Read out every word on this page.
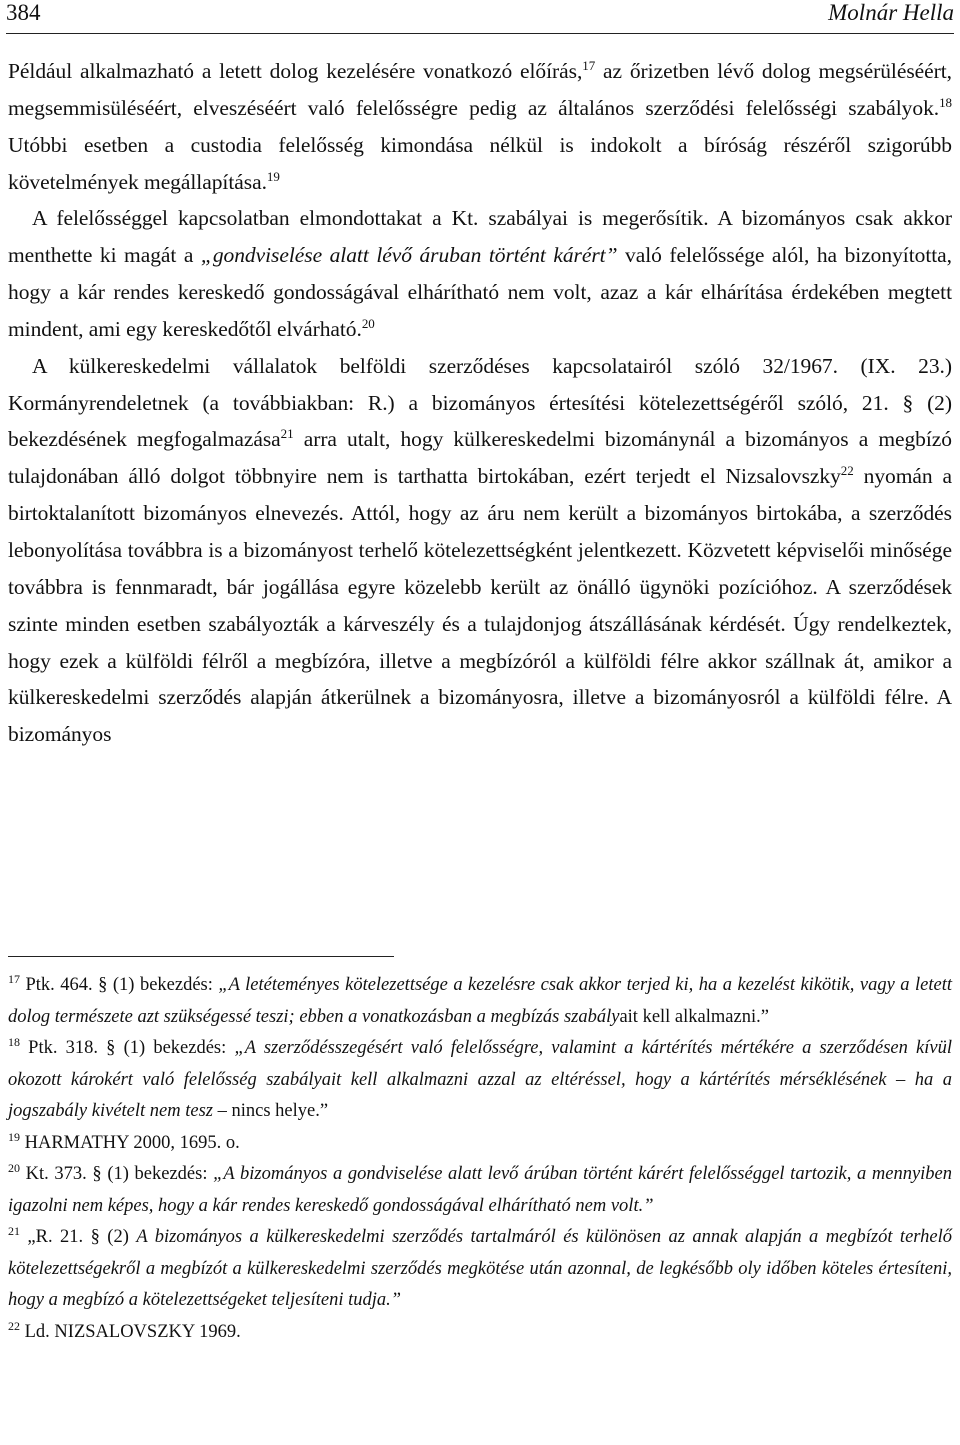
384	Molnár Hella

Például alkalmazható a letett dolog kezelésére vonatkozó előírás,$^{17}$ az őrizetben lévő dolog megsérüléséért, megsemmisüléséért, elveszéséért való felelősségre pedig az általános szerződési felelősségi szabályok.$^{18}$ Utóbbi esetben a custodia felelősség kimondása nélkül is indokolt a bíróság részéről szigorúbb követelmények megállapítása.$^{19}$

A felelősséggel kapcsolatban elmondottakat a Kt. szabályai is megerősítik. A bizományos csak akkor menthette ki magát a „gondviselése alatt lévő áruban történt kárért” való felelőssége alól, ha bizonyította, hogy a kár rendes kereskedő gondosságával elhárítható nem volt, azaz a kár elhárítása érdekében megtett mindent, ami egy kereskedőtől elvárható.$^{20}$

A külkereskedelmi vállalatok belföldi szerződéses kapcsolatairól szóló 32/1967. (IX. 23.) Kormányrendeletnek (a továbbiakban: R.) a bizományos értesítési kötelezettségéről szóló, 21. § (2) bekezdésének megfogalmazása$^{21}$ arra utalt, hogy külkereskedelmi bizománynál a bizományos a megbízó tulajdonában álló dolgot többnyire nem is tarthatta birtokában, ezért terjedt el Nizsalovszky$^{22}$ nyomán a birtoktalanított bizományos elnevezés. Attól, hogy az áru nem került a bizományos birtokába, a szerződés lebonyolítása továbbra is a bizományost terhelő kötelezettségként jelentkezett. Közvetett képviselői minősége továbbra is fennmaradt, bár jogállása egyre közelebb került az önálló ügynöki pozícióhoz. A szerződések szinte minden esetben szabályozták a kárveszély és a tulajdonjog átszállásának kérdését. Úgy rendelkeztek, hogy ezek a külföldi félről a megbízóra, illetve a megbízóról a külföldi félre akkor szállnak át, amikor a külkereskedelmi szerződés alapján átkerülnek a bizományosra, illetve a bizományosról a külföldi félre. A bizományos

$^{17}$ Ptk. 464. § (1) bekezdés: „A letéteményes kötelezettsége a kezelésre csak akkor terjed ki, ha a kezelést kikötik, vagy a letett dolog természete azt szükségessé teszi; ebben a vonatkozásban a megbízás szabályait kell alkalmazni.”

$^{18}$ Ptk. 318. § (1) bekezdés: „A szerződésszegésért való felelősségre, valamint a kártérítés mértékére a szerződésen kívül okozott károkért való felelősség szabályait kell alkalmazni azzal az eltéréssel, hogy a kártérítés mérséklésének – ha a jogszabály kivételt nem tesz – nincs helye.”

$^{19}$ HARMATHY 2000, 1695. o.

$^{20}$ Kt. 373. § (1) bekezdés: „A bizományos a gondviselése alatt levő árúban történt kárért felelősséggel tartozik, a mennyiben igazolni nem képes, hogy a kár rendes kereskedő gondosságával elhárítható nem volt.”

$^{21}$ „R. 21. § (2) A bizományos a külkereskedelmi szerződés tartalmáról és különösen az annak alapján a megbízót terhelő kötelezettségekről a megbízót a külkereskedelmi szerződés megkötése után azonnal, de legkésőbb oly időben köteles értesíteni, hogy a megbízó a kötelezettségeket teljesíteni tudja.”

$^{22}$ Ld. NIZSALOVSZKY 1969.
